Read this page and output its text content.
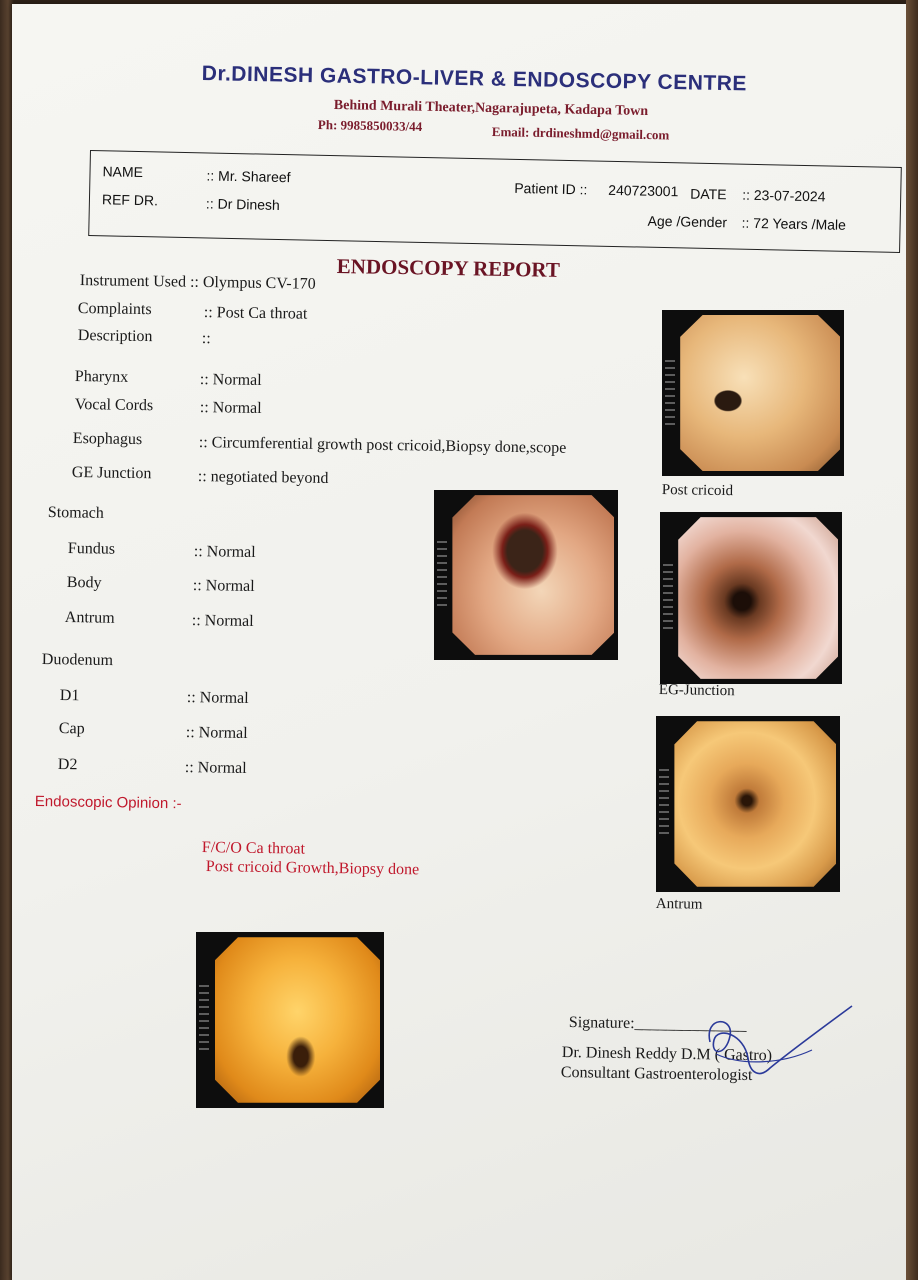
Dr.DINESH GASTRO-LIVER & ENDOSCOPY CENTRE
Behind Murali Theater,Nagarajupeta, Kadapa Town
Ph: 9985850033/44	Email: drdineshmd@gmail.com
NAME	:: Mr. Shareef
REF DR.	:: Dr Dinesh
Patient ID :: 240723001 DATE :: 23-07-2024
Age /Gender :: 72 Years /Male
ENDOSCOPY REPORT
Instrument Used :: Olympus CV-170
Complaints	:: Post Ca throat
Description	::
Pharynx	:: Normal
Vocal Cords	:: Normal
Esophagus	:: Circumferential growth post cricoid,Biopsy done,scope
GE Junction	:: negotiated beyond
Stomach
Fundus	:: Normal
Body	:: Normal
Antrum	:: Normal
Duodenum
D1	:: Normal
Cap	:: Normal
D2	:: Normal
Endoscopic Opinion :-
F/C/O Ca throat
Post cricoid Growth,Biopsy done
Post cricoid
EG-Junction
Antrum
Signature:______________
Dr. Dinesh Reddy D.M ( Gastro)
Consultant Gastroenterologist
